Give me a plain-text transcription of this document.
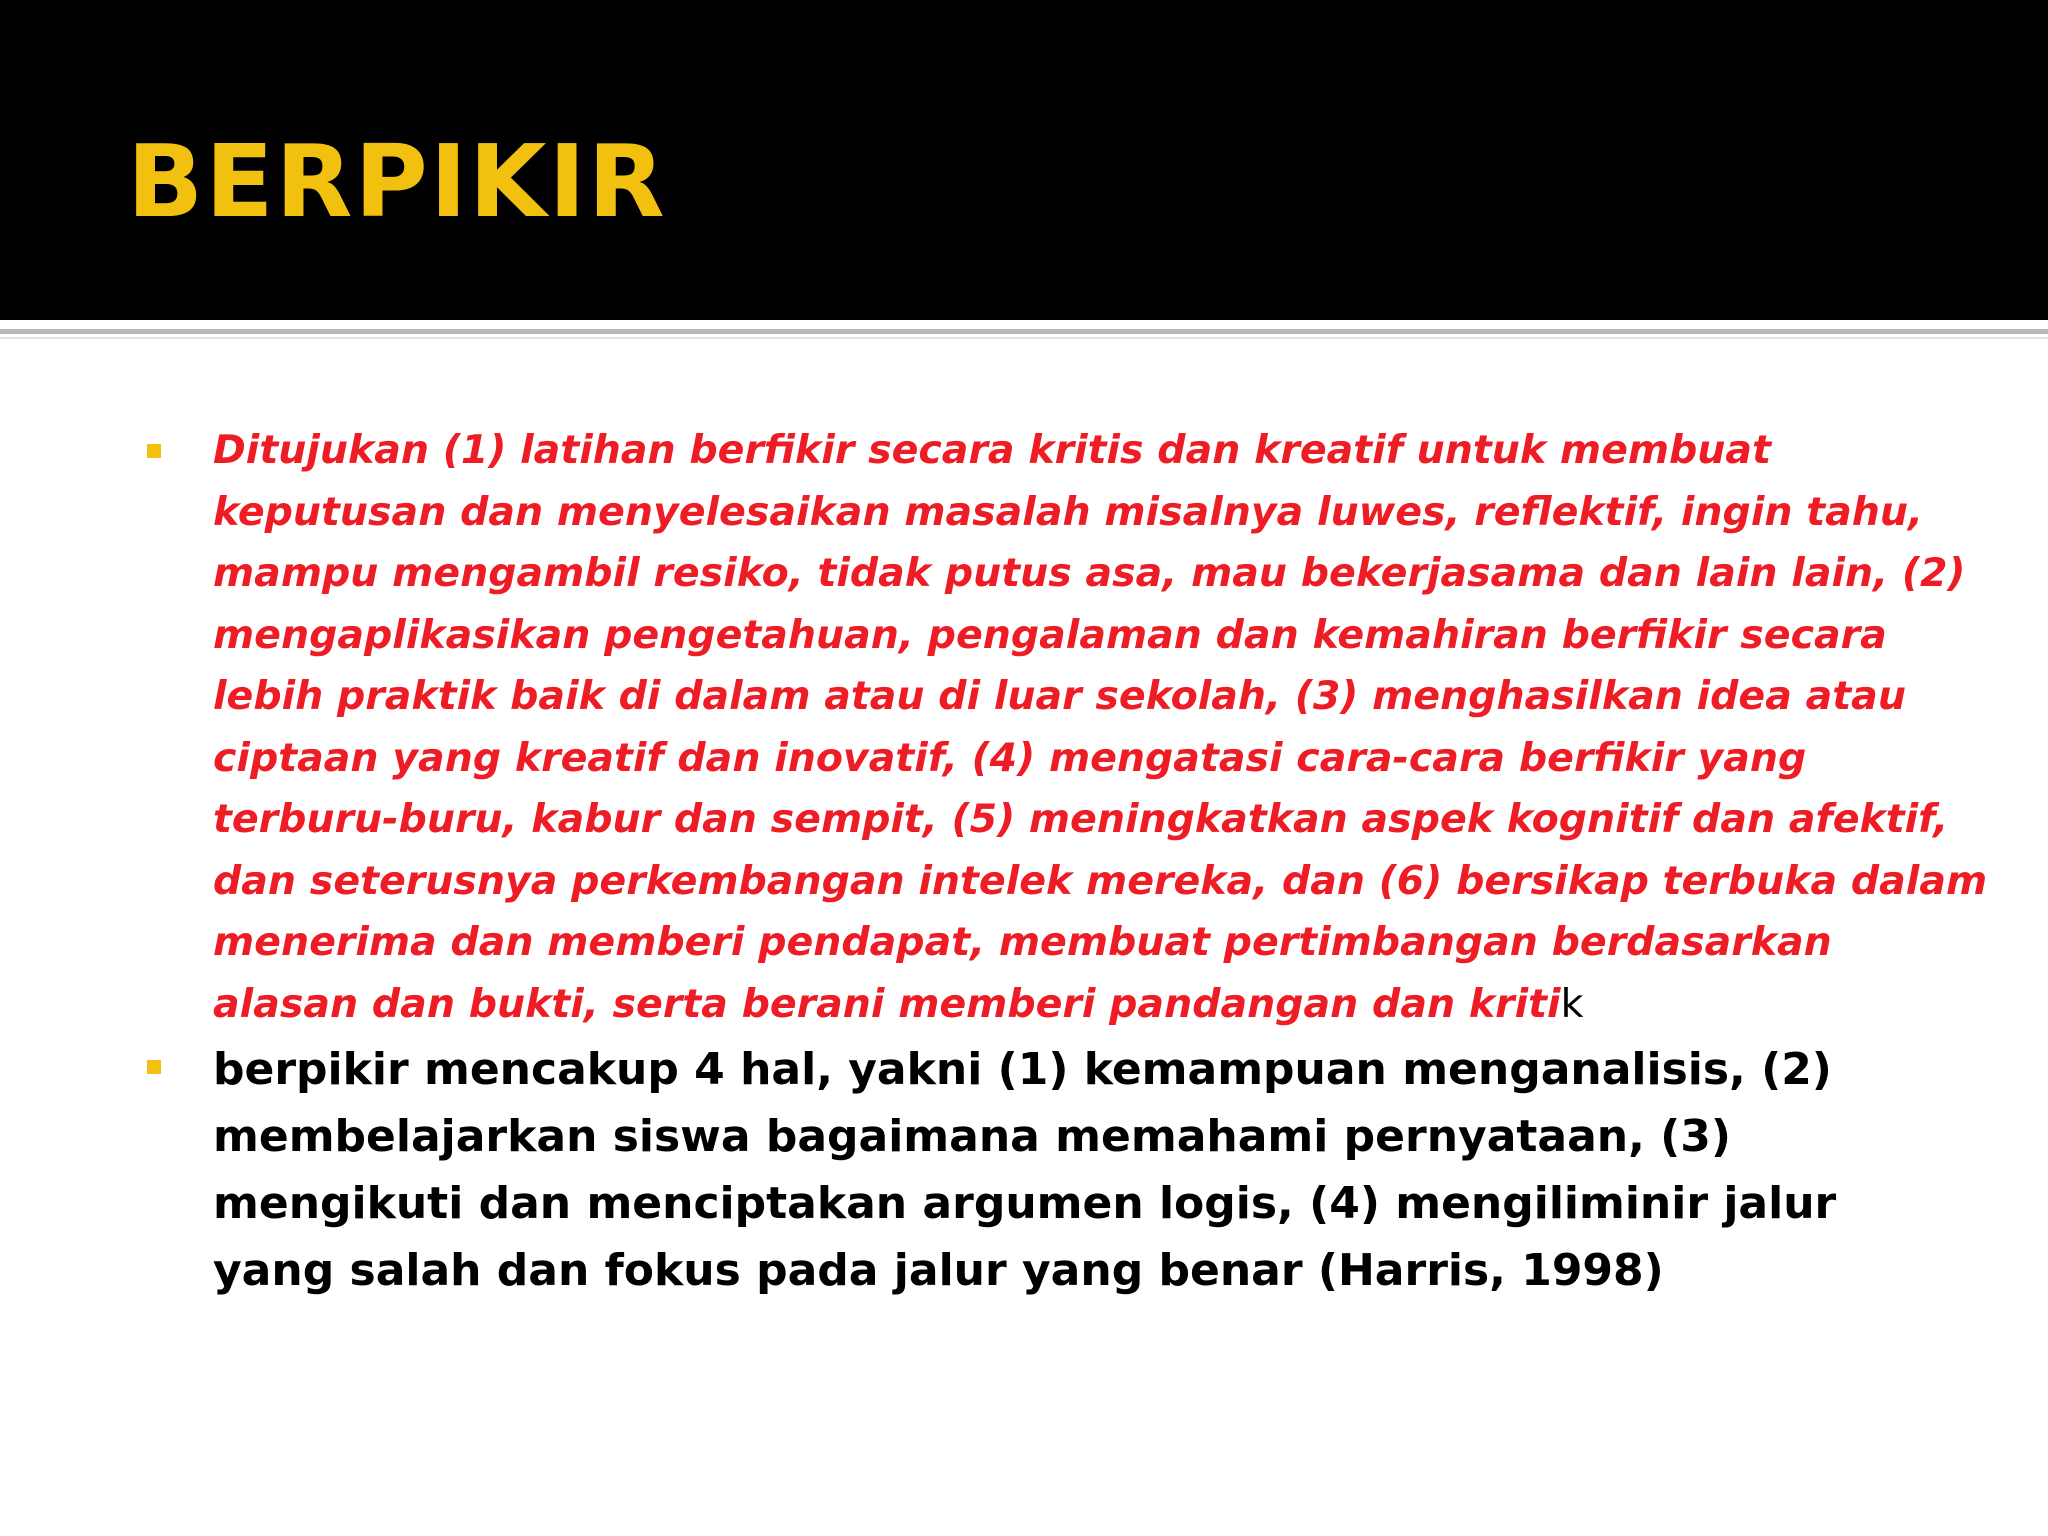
BERPIKIR

Ditujukan (1) latihan berfikir secara kritis dan kreatif untuk membuat
keputusan dan menyelesaikan masalah misalnya luwes, reflektif, ingin tahu,
mampu mengambil resiko, tidak putus asa, mau bekerjasama dan lain lain, (2)
mengaplikasikan pengetahuan, pengalaman dan kemahiran berfikir secara
lebih praktik baik di dalam atau di luar sekolah, (3) menghasilkan idea atau
ciptaan yang kreatif dan inovatif, (4) mengatasi cara-cara berfikir yang
terburu-buru, kabur dan sempit, (5) meningkatkan aspek kognitif dan afektif,
dan seterusnya perkembangan intelek mereka, dan (6) bersikap terbuka dalam
menerima dan memberi pendapat, membuat pertimbangan berdasarkan
alasan dan bukti, serta berani memberi pandangan dan kritik

berpikir mencakup 4 hal, yakni (1) kemampuan menganalisis, (2)
membelajarkan siswa bagaimana memahami pernyataan, (3)
mengikuti dan menciptakan argumen logis, (4) mengiliminir jalur
yang salah dan fokus pada jalur yang benar (Harris, 1998)
